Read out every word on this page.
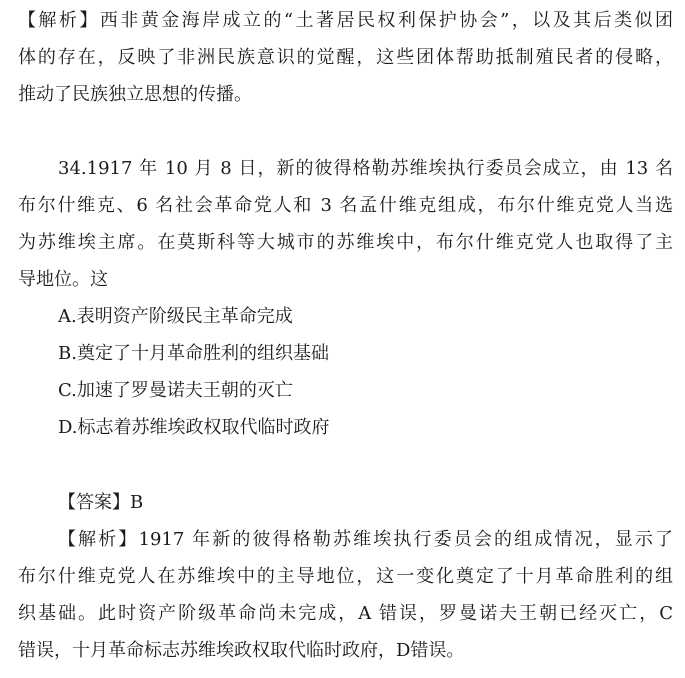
【解析】西非黄金海岸成立的“土著居民权利保护协会”，以及其后类似团
体的存在，反映了非洲民族意识的觉醒，这些团体帮助抵制殖民者的侵略，
推动了民族独立思想的传播。
34.1917 年 10 月 8 日，新的彼得格勒苏维埃执行委员会成立，由 13 名
布尔什维克、6 名社会革命党人和 3 名孟什维克组成，布尔什维克党人当选
为苏维埃主席。在莫斯科等大城市的苏维埃中，布尔什维克党人也取得了主
导地位。这
A.表明资产阶级民主革命完成
B.奠定了十月革命胜利的组织基础
C.加速了罗曼诺夫王朝的灭亡
D.标志着苏维埃政权取代临时政府
【答案】B
【解析】1917 年新的彼得格勒苏维埃执行委员会的组成情况，显示了
布尔什维克党人在苏维埃中的主导地位，这一变化奠定了十月革命胜利的组
织基础。此时资产阶级革命尚未完成，A 错误，罗曼诺夫王朝已经灭亡，C
错误，十月革命标志苏维埃政权取代临时政府，D错误。
